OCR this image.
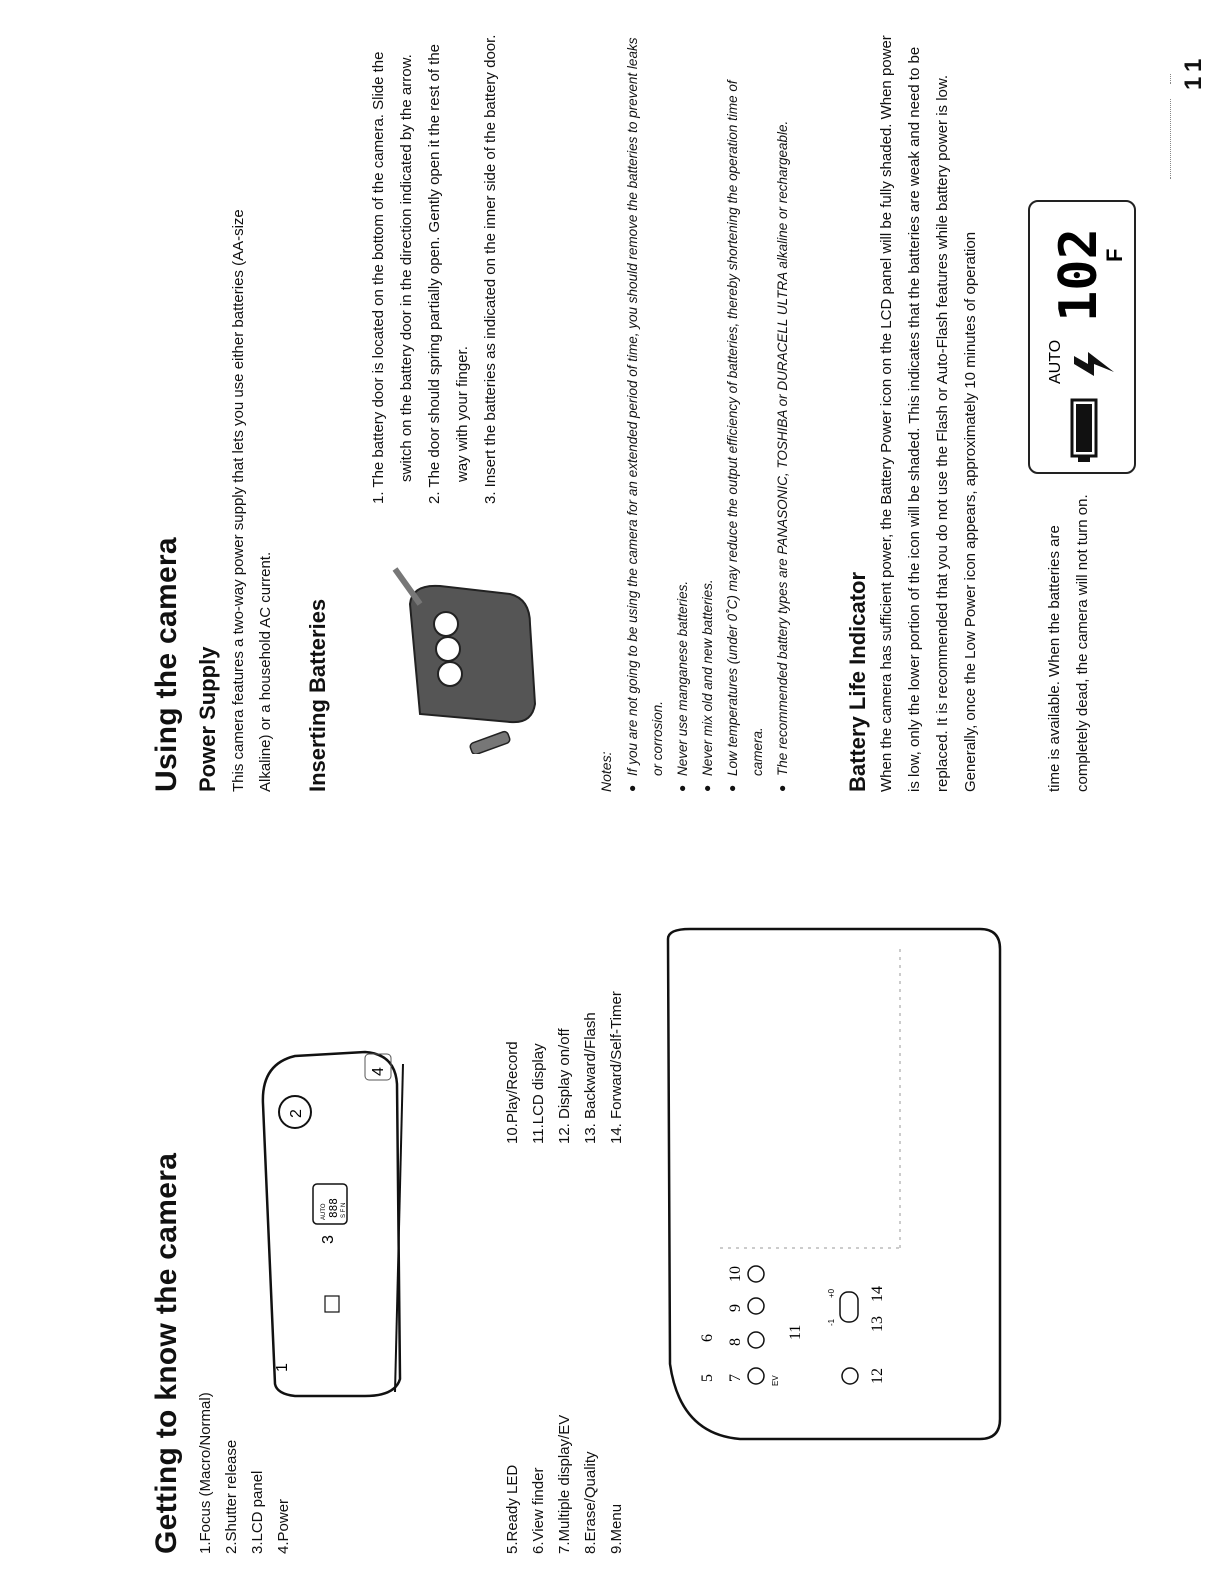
Getting to know the camera 1.Focus (Macro/Normal) 2.Shutter release 3.LCD panel 4.Power	5.Ready LED 6.View finder 7.Multiple display/EV 8.Erase/Quality 9.Menu
10.Play/Record 11.LCD display 12. Display on/off 13. Backward/Flash 14. Forward/Self-Timer
AUTO 888 S F N
2
1
3
4
5
6
7
8
9
10
EV
11
-1
+0
12
13
14
Using the camera Power Supply This camera features a two-way power supply that lets you use either batteries (AA-size Alkaline) or a household AC current. Inserting Batteries
1. The battery door is located on the bottom of the camera. Slide the switch on the battery door in the direction indicated by the arrow. 2. The door should spring partially open. Gently open it the rest of the way with your finger. 3. Insert the batteries as indicated on the inner side of the battery door.

Notes: ● If you are not going to be using the camera for an extended period of time, you should remove the batteries to prevent leaks or corrosion. ● Never use manganese batteries. ● Never mix old and new batteries. ● Low temperatures (under 0˚C) may reduce the output efficiency of batteries, thereby shortening the operation time of camera. ● The recommended battery types are PANASONIC, TOSHIBA or DURACELL ULTRA alkaline or rechargeable.	Battery Life Indicator When the camera has sufficient power, the Battery Power icon on the LCD panel will be fully shaded. When power is low, only the lower portion of the icon will be shaded. This indicates that the batteries are weak and need to be replaced. It is recommended that you do not use the Flash or Auto-Flash features while battery power is low. Generally, once the Low Power icon appears, approximately 10 minutes of operation	time is available. When the batteries are completely dead, the camera will not turn on.

AUTO
102
F
11
